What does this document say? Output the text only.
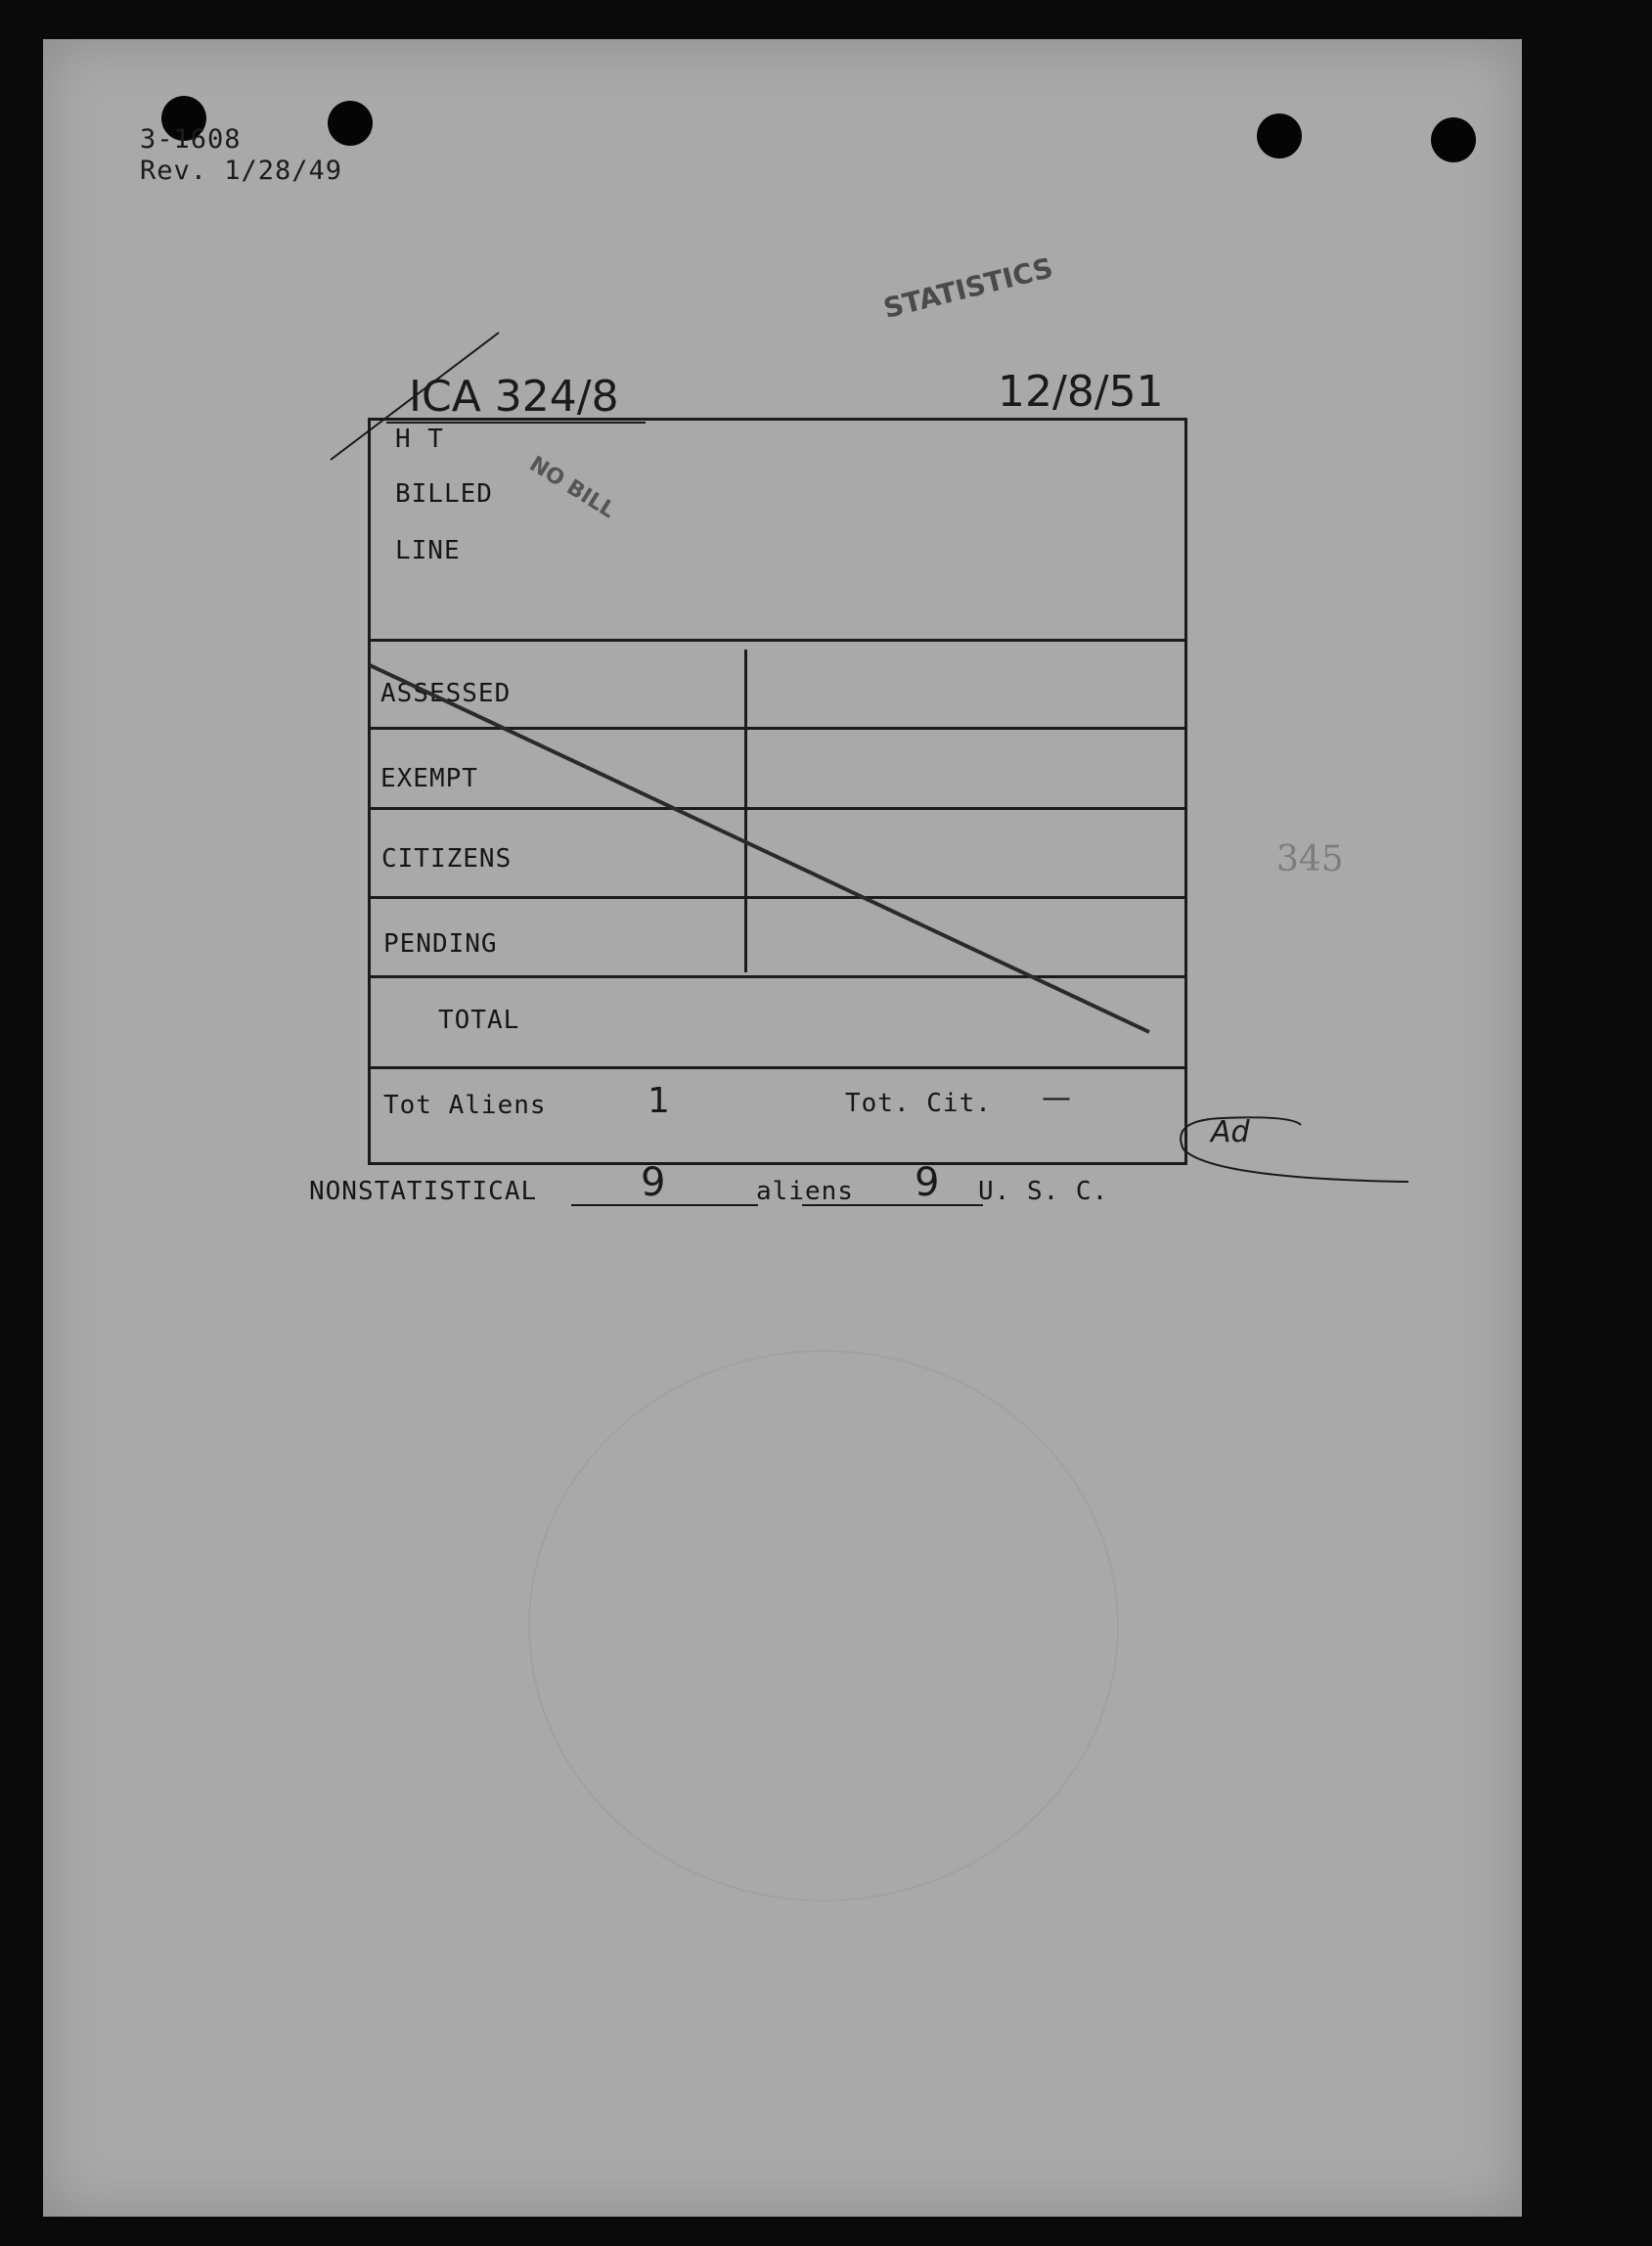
3-1608
Rev. 1/28/49
STATISTICS
NO BILL
345
ICA 324/8	12/8/51
H T
BILLED
LINE
ASSESSED
EXEMPT
CITIZENS
PENDING
TOTAL
Tot Aliens	1	Tot. Cit. —
NONSTATISTICAL	9	aliens 9 U. S. C.
Ad
